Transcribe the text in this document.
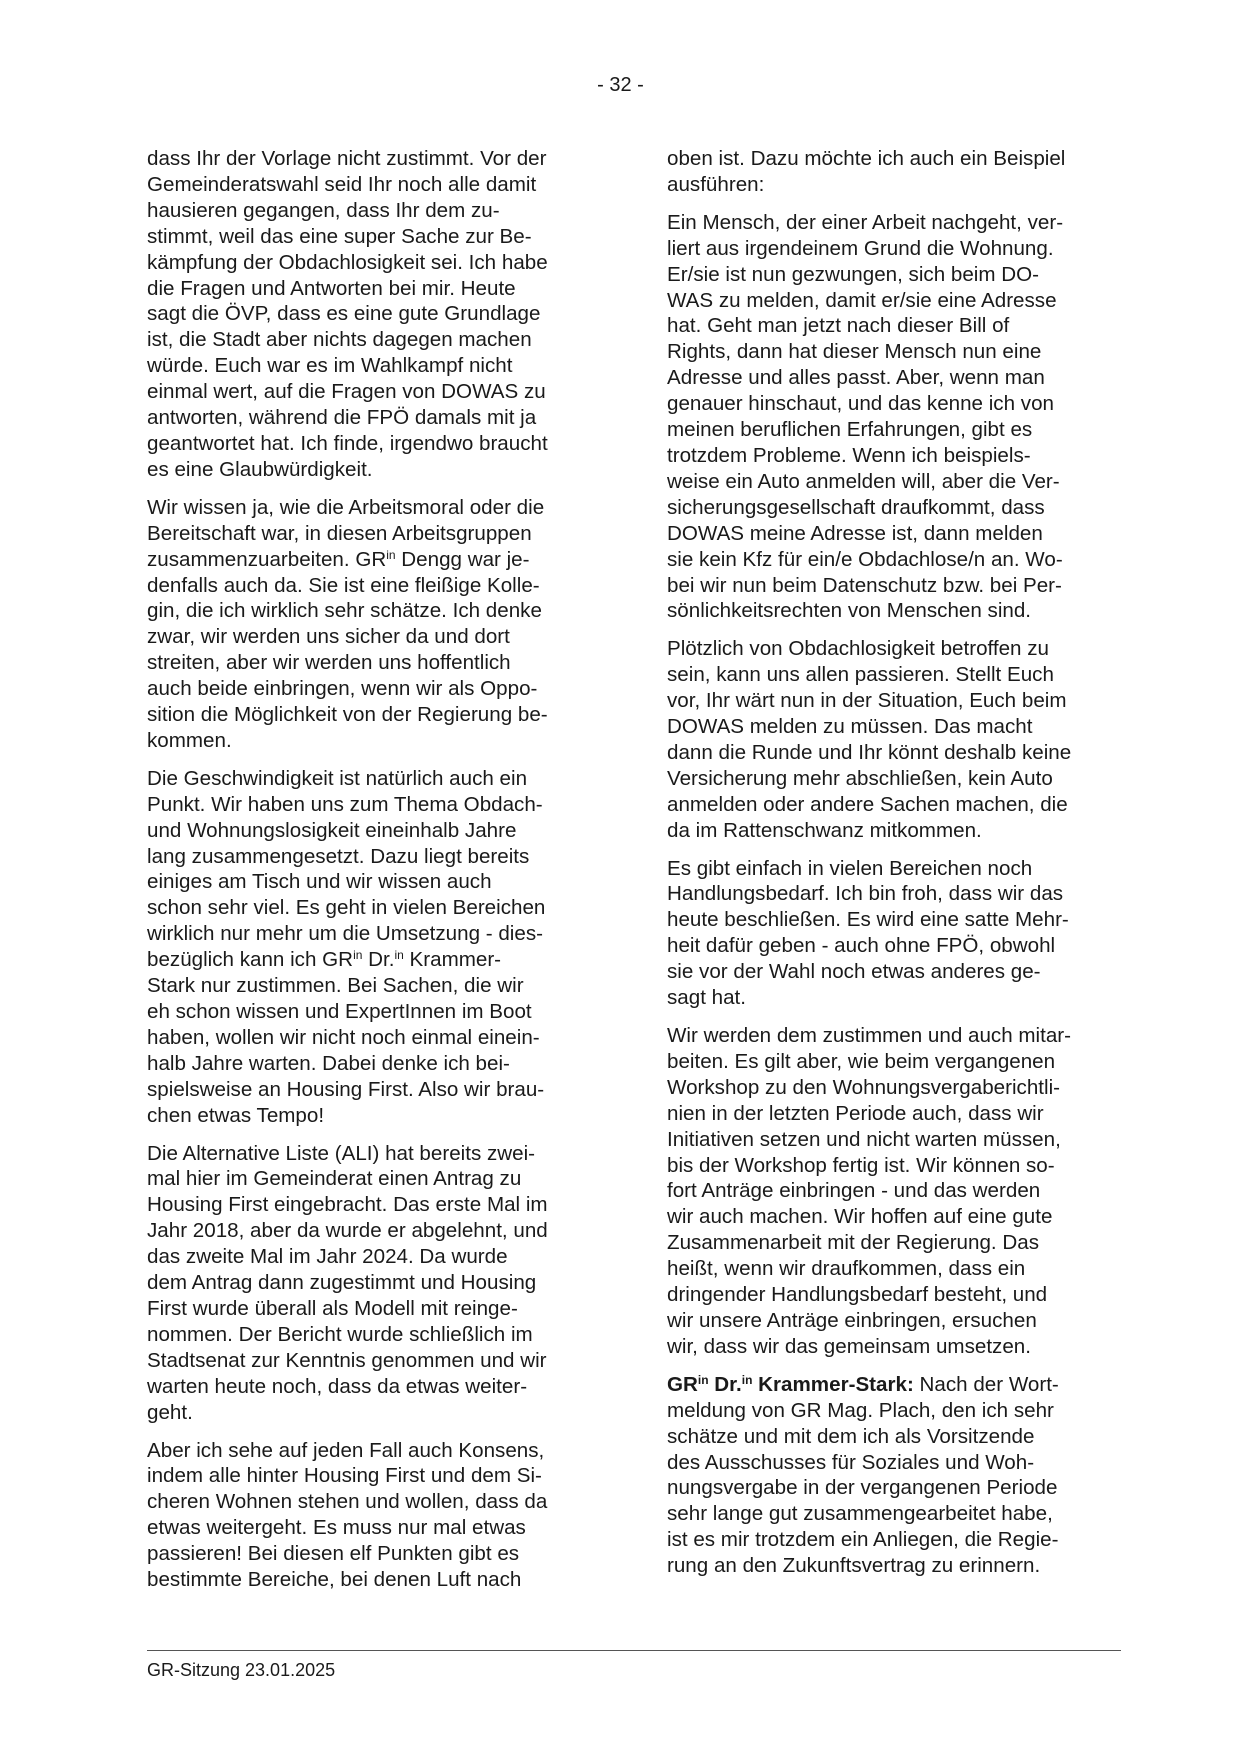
- 32 -

dass Ihr der Vorlage nicht zustimmt. Vor der
Gemeinderatswahl seid Ihr noch alle damit
hausieren gegangen, dass Ihr dem zu-
stimmt, weil das eine super Sache zur Be-
kämpfung der Obdachlosigkeit sei. Ich habe
die Fragen und Antworten bei mir. Heute
sagt die ÖVP, dass es eine gute Grundlage
ist, die Stadt aber nichts dagegen machen
würde. Euch war es im Wahlkampf nicht
einmal wert, auf die Fragen von DOWAS zu
antworten, während die FPÖ damals mit ja
geantwortet hat. Ich finde, irgendwo braucht
es eine Glaubwürdigkeit.

Wir wissen ja, wie die Arbeitsmoral oder die
Bereitschaft war, in diesen Arbeitsgruppen
zusammenzuarbeiten. $GR^{in}$ Dengg war je-
denfalls auch da. Sie ist eine fleißige Kolle-
gin, die ich wirklich sehr schätze. Ich denke
zwar, wir werden uns sicher da und dort
streiten, aber wir werden uns hoffentlich
auch beide einbringen, wenn wir als Oppo-
sition die Möglichkeit von der Regierung be-
kommen.

Die Geschwindigkeit ist natürlich auch ein
Punkt. Wir haben uns zum Thema Obdach-
und Wohnungslosigkeit eineinhalb Jahre
lang zusammengesetzt. Dazu liegt bereits
einiges am Tisch und wir wissen auch
schon sehr viel. Es geht in vielen Bereichen
wirklich nur mehr um die Umsetzung - dies-
bezüglich kann ich $GR^{in}$ Dr.$^{in}$ Krammer-
Stark nur zustimmen. Bei Sachen, die wir
eh schon wissen und ExpertInnen im Boot
haben, wollen wir nicht noch einmal einein-
halb Jahre warten. Dabei denke ich bei-
spielsweise an Housing First. Also wir brau-
chen etwas Tempo!

Die Alternative Liste (ALI) hat bereits zwei-
mal hier im Gemeinderat einen Antrag zu
Housing First eingebracht. Das erste Mal im
Jahr 2018, aber da wurde er abgelehnt, und
das zweite Mal im Jahr 2024. Da wurde
dem Antrag dann zugestimmt und Housing
First wurde überall als Modell mit reinge-
nommen. Der Bericht wurde schließlich im
Stadtsenat zur Kenntnis genommen und wir
warten heute noch, dass da etwas weiter-
geht.

Aber ich sehe auf jeden Fall auch Konsens,
indem alle hinter Housing First und dem Si-
cheren Wohnen stehen und wollen, dass da
etwas weitergeht. Es muss nur mal etwas
passieren! Bei diesen elf Punkten gibt es
bestimmte Bereiche, bei denen Luft nach

oben ist. Dazu möchte ich auch ein Beispiel
ausführen:

Ein Mensch, der einer Arbeit nachgeht, ver-
liert aus irgendeinem Grund die Wohnung.
Er/sie ist nun gezwungen, sich beim DO-
WAS zu melden, damit er/sie eine Adresse
hat. Geht man jetzt nach dieser Bill of
Rights, dann hat dieser Mensch nun eine
Adresse und alles passt. Aber, wenn man
genauer hinschaut, und das kenne ich von
meinen beruflichen Erfahrungen, gibt es
trotzdem Probleme. Wenn ich beispiels-
weise ein Auto anmelden will, aber die Ver-
sicherungsgesellschaft draufkommt, dass
DOWAS meine Adresse ist, dann melden
sie kein Kfz für ein/e Obdachlose/n an. Wo-
bei wir nun beim Datenschutz bzw. bei Per-
sönlichkeitsrechten von Menschen sind.

Plötzlich von Obdachlosigkeit betroffen zu
sein, kann uns allen passieren. Stellt Euch
vor, Ihr wärt nun in der Situation, Euch beim
DOWAS melden zu müssen. Das macht
dann die Runde und Ihr könnt deshalb keine
Versicherung mehr abschließen, kein Auto
anmelden oder andere Sachen machen, die
da im Rattenschwanz mitkommen.

Es gibt einfach in vielen Bereichen noch
Handlungsbedarf. Ich bin froh, dass wir das
heute beschließen. Es wird eine satte Mehr-
heit dafür geben - auch ohne FPÖ, obwohl
sie vor der Wahl noch etwas anderes ge-
sagt hat.

Wir werden dem zustimmen und auch mitar-
beiten. Es gilt aber, wie beim vergangenen
Workshop zu den Wohnungsvergaberichtli-
nien in der letzten Periode auch, dass wir
Initiativen setzen und nicht warten müssen,
bis der Workshop fertig ist. Wir können so-
fort Anträge einbringen - und das werden
wir auch machen. Wir hoffen auf eine gute
Zusammenarbeit mit der Regierung. Das
heißt, wenn wir draufkommen, dass ein
dringender Handlungsbedarf besteht, und
wir unsere Anträge einbringen, ersuchen
wir, dass wir das gemeinsam umsetzen.

$GR^{in}$ Dr.$^{in}$ Krammer-Stark: Nach der Wort-
meldung von GR Mag. Plach, den ich sehr
schätze und mit dem ich als Vorsitzende
des Ausschusses für Soziales und Woh-
nungsvergabe in der vergangenen Periode
sehr lange gut zusammengearbeitet habe,
ist es mir trotzdem ein Anliegen, die Regie-
rung an den Zukunftsvertrag zu erinnern.

GR-Sitzung 23.01.2025
